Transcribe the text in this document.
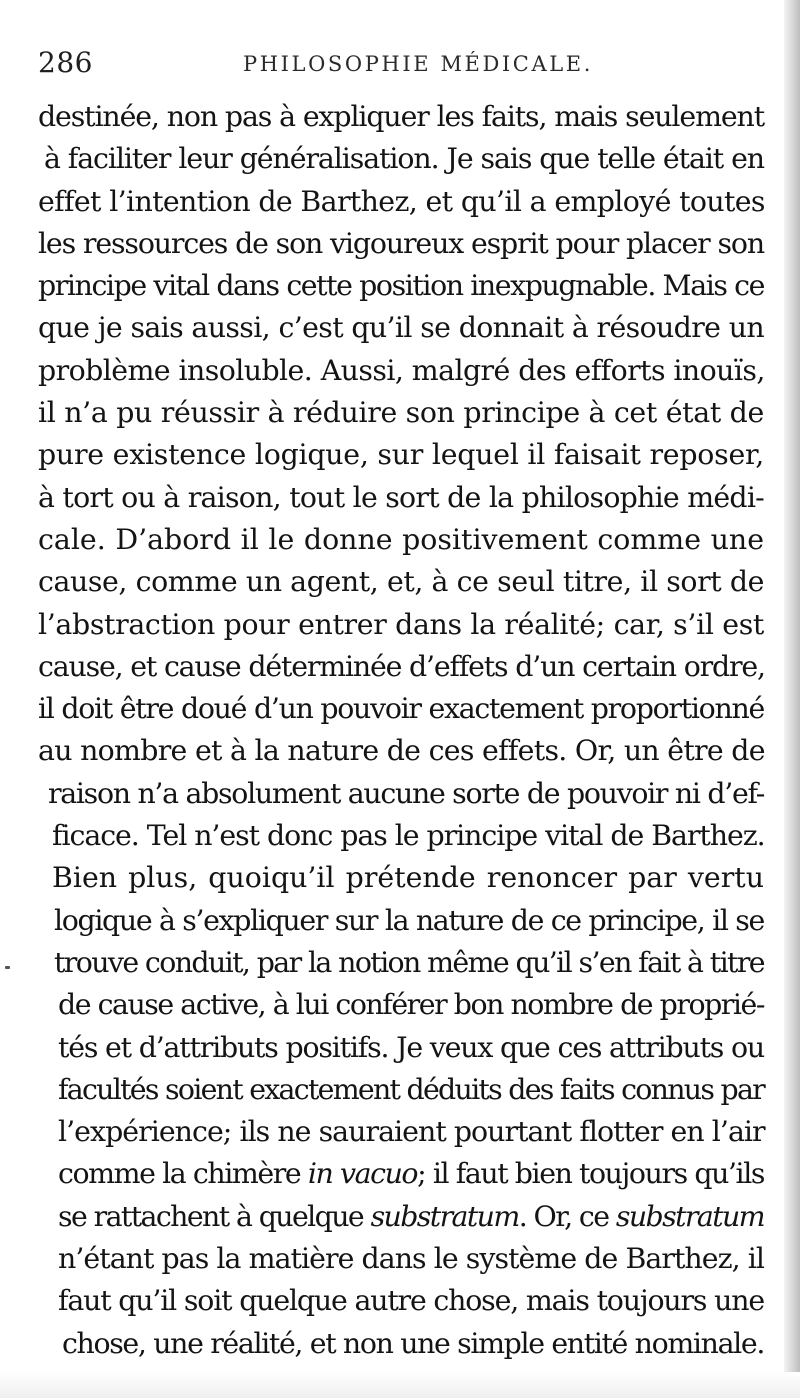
286	PHILOSOPHIE MÉDICALE.
destinée, non pas à expliquer les faits, mais seulement
à faciliter leur généralisation. Je sais que telle était en
effet l’intention de Barthez, et qu’il a employé toutes
les ressources de son vigoureux esprit pour placer son
principe vital dans cette position inexpugnable. Mais ce
que je sais aussi, c’est qu’il se donnait à résoudre un
problème insoluble. Aussi, malgré des efforts inouïs,
il n’a pu réussir à réduire son principe à cet état de
pure existence logique, sur lequel il faisait reposer,
à tort ou à raison, tout le sort de la philosophie médi-
cale. D’abord il le donne positivement comme une
cause, comme un agent, et, à ce seul titre, il sort de
l’abstraction pour entrer dans la réalité; car, s’il est
cause, et cause déterminée d’effets d’un certain ordre,
il doit être doué d’un pouvoir exactement proportionné
au nombre et à la nature de ces effets. Or, un être de
raison n’a absolument aucune sorte de pouvoir ni d’ef-
ficace. Tel n’est donc pas le principe vital de Barthez.
Bien plus, quoiqu’il prétende renoncer par vertu
logique à s’expliquer sur la nature de ce principe, il se
trouve conduit, par la notion même qu’il s’en fait à titre
de cause active, à lui conférer bon nombre de proprié-
tés et d’attributs positifs. Je veux que ces attributs ou
facultés soient exactement déduits des faits connus par
l’expérience; ils ne sauraient pourtant flotter en l’air
comme la chimère in vacuo; il faut bien toujours qu’ils
se rattachent à quelque substratum. Or, ce substratum
n’étant pas la matière dans le système de Barthez, il
faut qu’il soit quelque autre chose, mais toujours une
chose, une réalité, et non une simple entité nominale.
